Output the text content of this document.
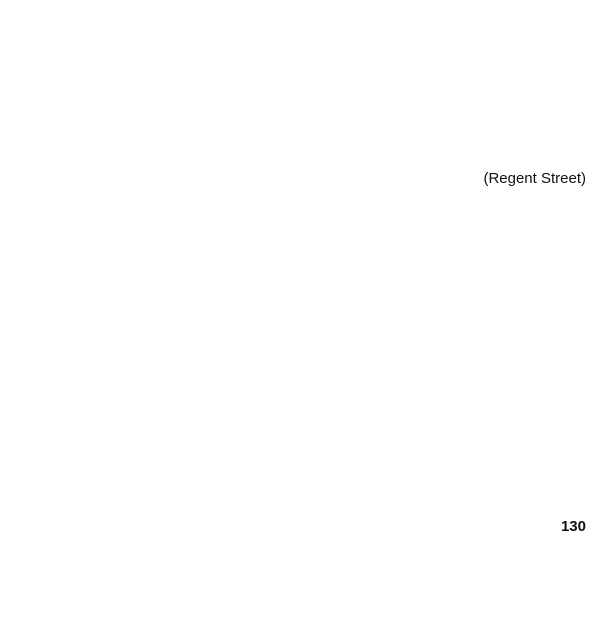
(Regent Street)
130
